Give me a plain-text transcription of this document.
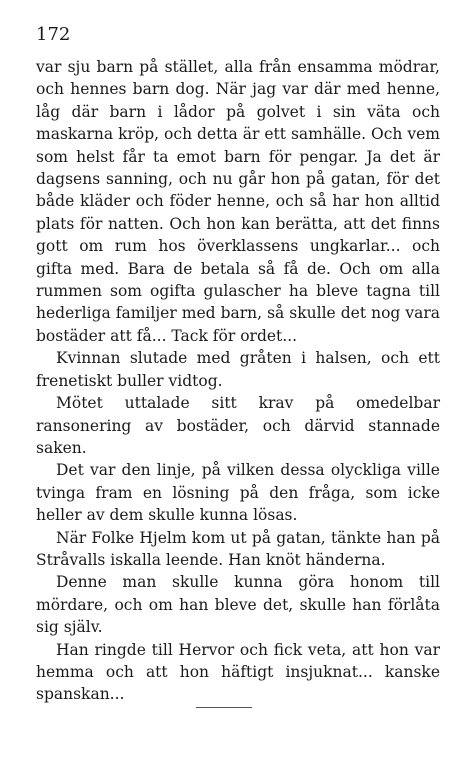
172

var sju barn på stället, alla från ensamma mödrar, och hennes barn dog. När jag var där med henne, låg där barn i lådor på golvet i sin väta och maskarna kröp, och detta är ett samhälle. Och vem som helst får ta emot barn för pengar. Ja det är dagsens sanning, och nu går hon på gatan, för det både kläder och föder henne, och så har hon alltid plats för natten. Och hon kan berätta, att det finns gott om rum hos överklassens ungkarlar... och gifta med. Bara de betala så få de. Och om alla rummen som ogifta gulascher ha bleve tagna till hederliga familjer med barn, så skulle det nog vara bostäder att få... Tack för ordet...

Kvinnan slutade med gråten i halsen, och ett frenetiskt buller vidtog.

Mötet uttalade sitt krav på omedelbar ransonering av bostäder, och därvid stannade saken.

Det var den linje, på vilken dessa olyckliga ville tvinga fram en lösning på den fråga, som icke heller av dem skulle kunna lösas.

När Folke Hjelm kom ut på gatan, tänkte han på Stråvalls iskalla leende. Han knöt händerna.

Denne man skulle kunna göra honom till mördare, och om han bleve det, skulle han förlåta sig själv.

Han ringde till Hervor och fick veta, att hon var hemma och att hon häftigt insjuknat... kanske spanskan...
